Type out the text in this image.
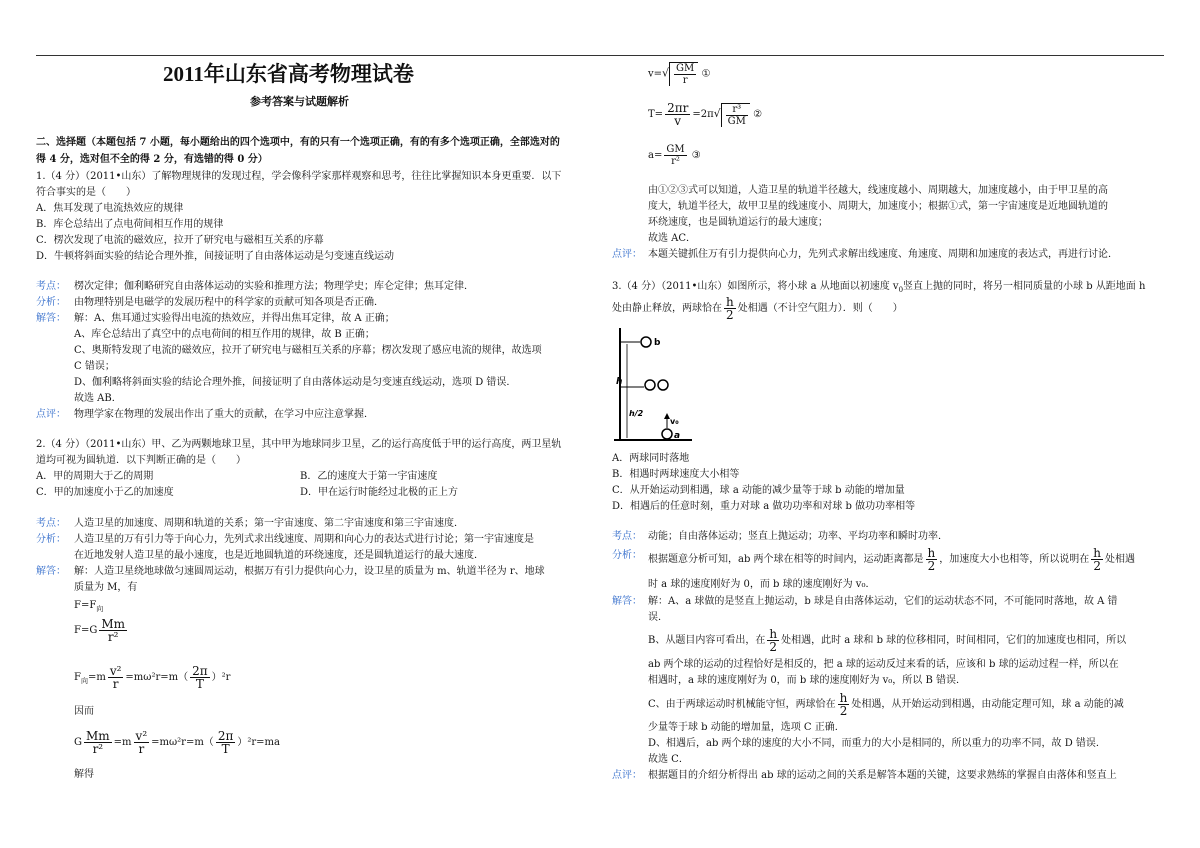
2011年山东省高考物理试卷
参考答案与试题解析
二、选择题（本题包括 7 小题，每小题给出的四个选项中，有的只有一个选项正确，有的有多个选项正确，全部选对的
得 4 分，选对但不全的得 2 分，有选错的得 0 分）
1.（4 分）（2011•山东）了解物理规律的发现过程，学会像科学家那样观察和思考，往往比掌握知识本身更重要．以下
符合事实的是（　　）
A．焦耳发现了电流热效应的规律
B．库仑总结出了点电荷间相互作用的规律
C．楞次发现了电流的磁效应，拉开了研究电与磁相互关系的序幕
D．牛顿将斜面实验的结论合理外推，间接证明了自由落体运动是匀变速直线运动
考点： 楞次定律；伽利略研究自由落体运动的实验和推理方法；物理学史；库仑定律；焦耳定律．
分析： 由物理特别是电磁学的发展历程中的科学家的贡献可知各项是否正确．
解答： 解：A、焦耳通过实验得出电流的热效应，并得出焦耳定律，故 A 正确；
A、库仑总结出了真空中的点电荷间的相互作用的规律，故 B 正确；
C、奥斯特发现了电流的磁效应，拉开了研究电与磁相互关系的序幕；楞次发现了感应电流的规律，故选项
C 错误；
D、伽利略将斜面实验的结论合理外推，间接证明了自由落体运动是匀变速直线运动，选项 D 错误．
故选 AB．
点评： 物理学家在物理的发展出作出了重大的贡献，在学习中应注意掌握．
2.（4 分）（2011•山东）甲、乙为两颗地球卫星，其中甲为地球同步卫星，乙的运行高度低于甲的运行高度，两卫星轨
道均可视为圆轨道．以下判断正确的是（　　）
A．甲的周期大于乙的周期	B．乙的速度大于第一宇宙速度
C．甲的加速度小于乙的加速度	D．甲在运行时能经过北极的正上方
考点： 人造卫星的加速度、周期和轨道的关系；第一宇宙速度、第二宇宙速度和第三宇宙速度．
分析： 人造卫星的万有引力等于向心力，先列式求出线速度、周期和向心力的表达式进行讨论；第一宇宙速度是
在近地发射人造卫星的最小速度，也是近地圆轨道的环绕速度，还是圆轨道运行的最大速度．
解答： 解：人造卫星绕地球做匀速圆周运动，根据万有引力提供向心力，设卫星的质量为 m、轨道半径为 r、地球
质量为 M，有
$F=F_向$
$F=G \frac{Mm}{\text{r²}}$
$F_向=m \frac{\text{v²}}{r} =m\omega^2r=m( \frac{2\pi}{T} )^2r$
因而
G $\frac{Mm}{\text{r²}} =m \frac{\text{v²}}{r} =m\omega^2r=m( \frac{2\pi}{T} )^2r=ma$
解得
$v=√ \frac{GM}{r}$ ①
$T= \frac{2\pi r}{v} =2\pi√ \frac{\text{r³}}{GM}$ ②
$a= \frac{GM}{\text{r²}}$ ③
由①②③式可以知道，人造卫星的轨道半径越大，线速度越小、周期越大，加速度越小，由于甲卫星的高
度大，轨道半径大，故甲卫星的线速度小、周期大，加速度小；根据①式，第一宇宙速度是近地圆轨道的
环绕速度，也是圆轨道运行的最大速度；
故选 AC．
点评： 本题关键抓住万有引力提供向心力，先列式求解出线速度、角速度、周期和加速度的表达式，再进行讨论．
3.（4 分）（2011•山东）如图所示，将小球 a 从地面以初速度 $v_0$竖直上抛的同时，将另一相同质量的小球 b 从距地面 h
处由静止释放，两球恰在 $\frac{h}{2}$ 处相遇（不计空气阻力）．则（　　）
b
h
h/2
v₀
a
A．两球同时落地
B．相遇时两球速度大小相等
C．从开始运动到相遇，球 a 动能的减少量等于球 b 动能的增加量
D．相遇后的任意时刻，重力对球 a 做功功率和对球 b 做功功率相等
考点： 动能；自由落体运动；竖直上抛运动；功率、平均功率和瞬时功率．
分析： 根据题意分析可知，ab 两个球在相等的时间内，运动距离都是 $\frac{h}{2}$ ，加速度大小也相等，所以说明在 $\frac{h}{2}$ 处相遇
时 a 球的速度刚好为 0，而 b 球的速度刚好为 v₀．
解答： 解：A、a 球做的是竖直上抛运动，b 球是自由落体运动，它们的运动状态不同，不可能同时落地，故 A 错
误．
B、从题目内容可看出，在 $\frac{h}{2}$ 处相遇，此时 a 球和 b 球的位移相同，时间相同，它们的加速度也相同，所以
ab 两个球的运动的过程恰好是相反的，把 a 球的运动反过来看的话，应该和 b 球的运动过程一样，所以在
相遇时，a 球的速度刚好为 0，而 b 球的速度刚好为 v₀，所以 B 错误．
C、由于两球运动时机械能守恒，两球恰在 $\frac{h}{2}$ 处相遇，从开始运动到相遇，由动能定理可知，球 a 动能的减
少量等于球 b 动能的增加量，选项 C 正确．
D、相遇后，ab 两个球的速度的大小不同，而重力的大小是相同的，所以重力的功率不同，故 D 错误．
故选 C．
点评： 根据题目的介绍分析得出 ab 球的运动之间的关系是解答本题的关键，这要求熟练的掌握自由落体和竖直上
